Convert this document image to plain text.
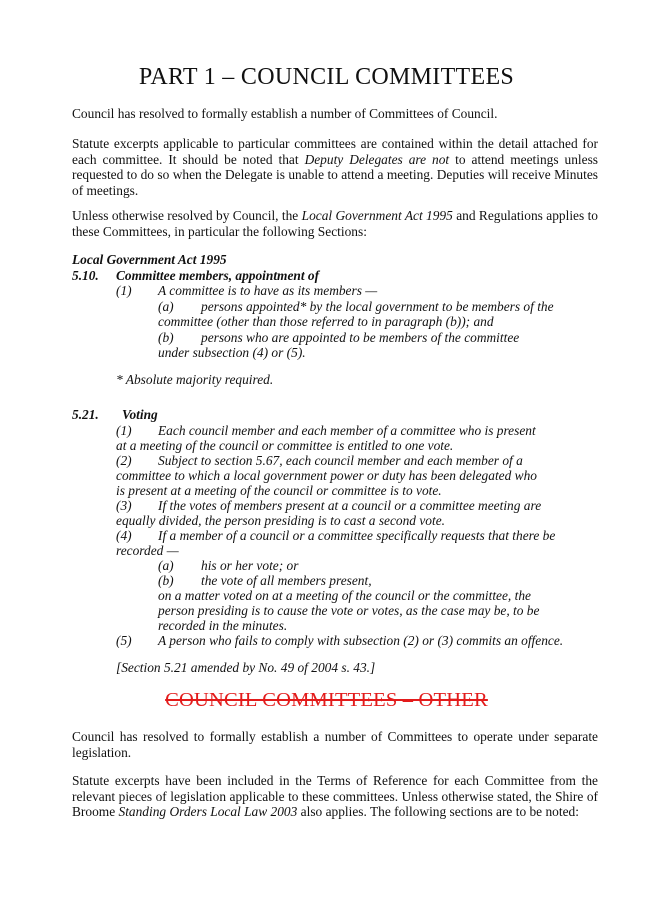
PART 1 – COUNCIL COMMITTEES
Council has resolved to formally establish a number of Committees of Council.
Statute excerpts applicable to particular committees are contained within the detail attached for each committee. It should be noted that Deputy Delegates are not to attend meetings unless requested to do so when the Delegate is unable to attend a meeting. Deputies will receive Minutes of meetings.
Unless otherwise resolved by Council, the Local Government Act 1995 and Regulations applies to these Committees, in particular the following Sections:
Local Government Act 1995
5.10. Committee members, appointment of
(1) A committee is to have as its members —
(a) persons appointed* by the local government to be members of the
committee (other than those referred to in paragraph (b)); and
(b) persons who are appointed to be members of the committee
under subsection (4) or (5).
* Absolute majority required.
5.21. Voting
(1) Each council member and each member of a committee who is present
at a meeting of the council or committee is entitled to one vote.
(2) Subject to section 5.67, each council member and each member of a
committee to which a local government power or duty has been delegated who
is present at a meeting of the council or committee is to vote.
(3) If the votes of members present at a council or a committee meeting are
equally divided, the person presiding is to cast a second vote.
(4) If a member of a council or a committee specifically requests that there be
recorded —
(a) his or her vote; or
(b) the vote of all members present,
on a matter voted on at a meeting of the council or the committee, the
person presiding is to cause the vote or votes, as the case may be, to be
recorded in the minutes.
(5) A person who fails to comply with subsection (2) or (3) commits an offence.
[Section 5.21 amended by No. 49 of 2004 s. 43.]
COUNCIL COMMITTEES – OTHER
Council has resolved to formally establish a number of Committees to operate under separate legislation.
Statute excerpts have been included in the Terms of Reference for each Committee from the relevant pieces of legislation applicable to these committees. Unless otherwise stated, the Shire of Broome Standing Orders Local Law 2003 also applies. The following sections are to be noted:
